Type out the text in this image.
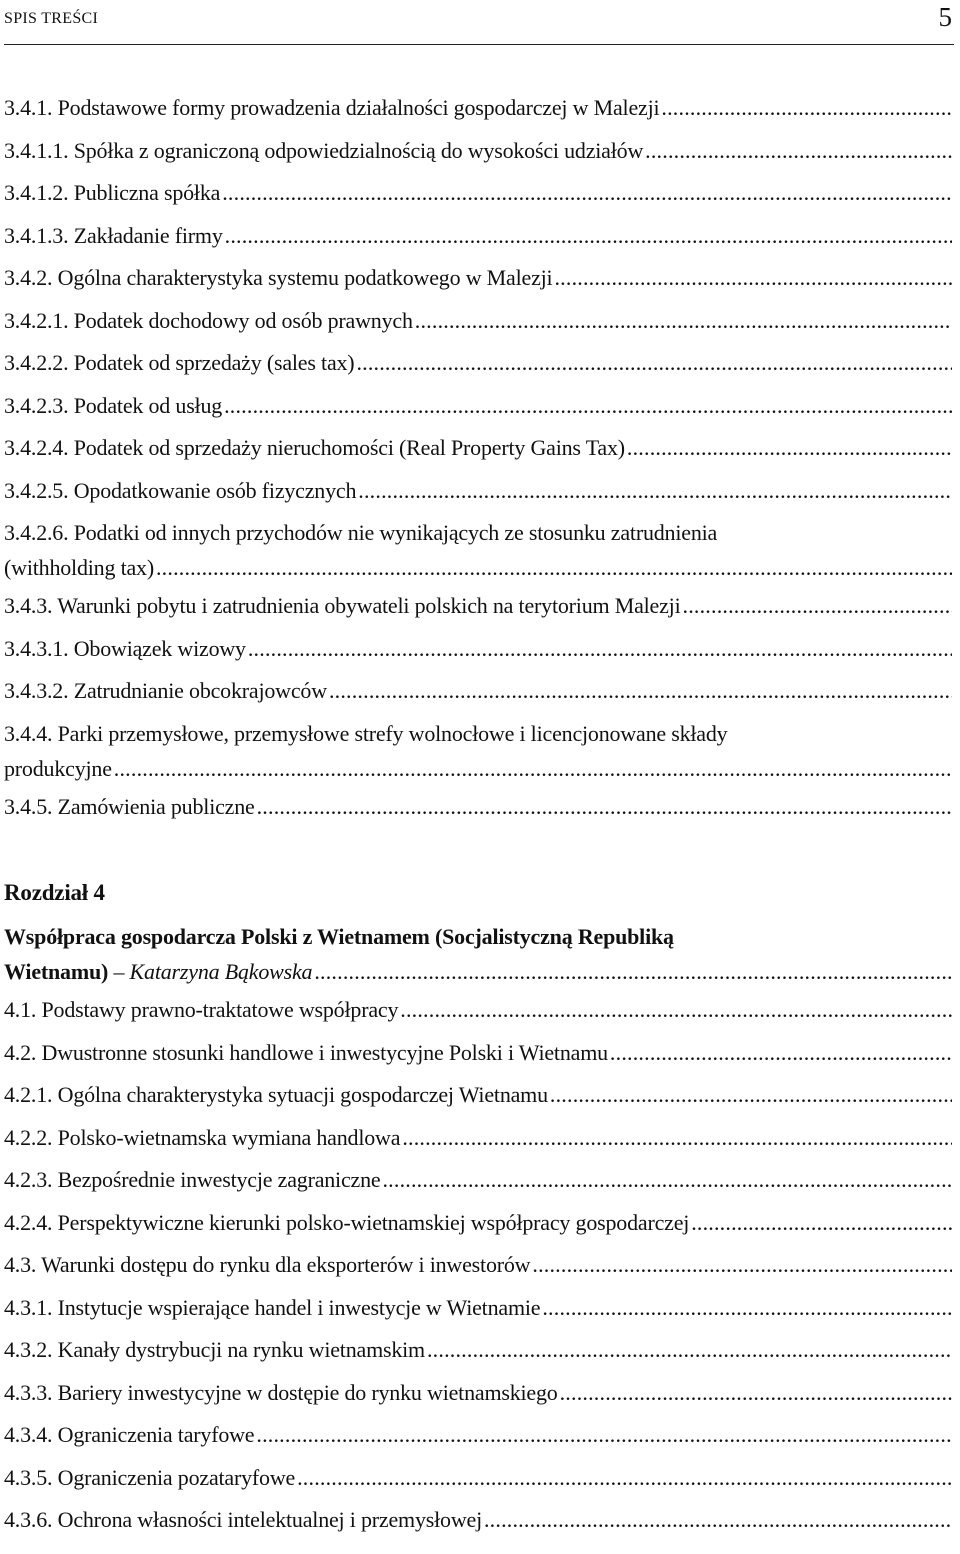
SPIS TREŚCI	5
3.4.1. Podstawowe formy prowadzenia działalności gospodarczej w Malezji
.....
3.4.1.1. Spółka z ograniczoną odpowiedzialnością do wysokości udziałów
.....
3.4.1.2. Publiczna spółka
.....
3.4.1.3. Zakładanie firmy
.....
3.4.2. Ogólna charakterystyka systemu podatkowego w Malezji
.....
3.4.2.1. Podatek dochodowy od osób prawnych
.....
3.4.2.2. Podatek od sprzedaży (sales tax)
.....
3.4.2.3. Podatek od usług
.....
3.4.2.4. Podatek od sprzedaży nieruchomości (Real Property Gains Tax)
.....
3.4.2.5. Opodatkowanie osób fizycznych
.....
3.4.2.6. Podatki od innych przychodów nie wynikających ze stosunku zatrudnienia
(withholding tax)
.....
3.4.3. Warunki pobytu i zatrudnienia obywateli polskich na terytorium Malezji
.....
3.4.3.1. Obowiązek wizowy
.....
3.4.3.2. Zatrudnianie obcokrajowców
.....
3.4.4. Parki przemysłowe, przemysłowe strefy wolnocłowe i licencjonowane składy
produkcyjne
.....
3.4.5. Zamówienia publiczne
.....
Rozdział 4
Współpraca gospodarcza Polski z Wietnamem (Socjalistyczną Republiką
Wietnamu) – Katarzyna Bąkowska
.....
4.1. Podstawy prawno-traktatowe współpracy
.....
4.2. Dwustronne stosunki handlowe i inwestycyjne Polski i Wietnamu
.....
4.2.1. Ogólna charakterystyka sytuacji gospodarczej Wietnamu
.....
4.2.2. Polsko-wietnamska wymiana handlowa
.....
4.2.3. Bezpośrednie inwestycje zagraniczne
.....
4.2.4. Perspektywiczne kierunki polsko-wietnamskiej współpracy gospodarczej
.....
4.3. Warunki dostępu do rynku dla eksporterów i inwestorów
.....
4.3.1. Instytucje wspierające handel i inwestycje w Wietnamie
.....
4.3.2. Kanały dystrybucji na rynku wietnamskim
.....
4.3.3. Bariery inwestycyjne w dostępie do rynku wietnamskiego
.....
4.3.4. Ograniczenia taryfowe
.....
4.3.5. Ograniczenia pozataryfowe
.....
4.3.6. Ochrona własności intelektualnej i przemysłowej
.....
